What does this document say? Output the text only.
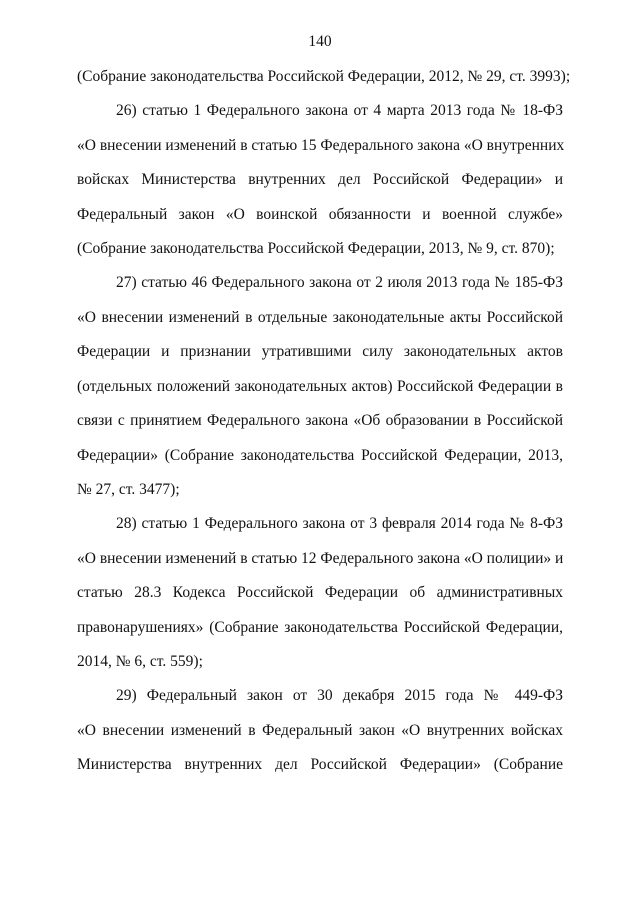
140
(Собрание законодательства Российской Федерации, 2012, № 29, ст. 3993);
26) статью 1 Федерального закона от 4 марта 2013 года № 18-ФЗ
«О внесении изменений в статью 15 Федерального закона «О внутренних
войсках Министерства внутренних дел Российской Федерации» и
Федеральный закон «О воинской обязанности и военной службе»
(Собрание законодательства Российской Федерации, 2013, № 9, ст. 870);
27) статью 46 Федерального закона от 2 июля 2013 года № 185-ФЗ
«О внесении изменений в отдельные законодательные акты Российской
Федерации и признании утратившими силу законодательных актов
(отдельных положений законодательных актов) Российской Федерации в
связи с принятием Федерального закона «Об образовании в Российской
Федерации» (Собрание законодательства Российской Федерации, 2013,
№ 27, ст. 3477);
28) статью 1 Федерального закона от 3 февраля 2014 года № 8-ФЗ
«О внесении изменений в статью 12 Федерального закона «О полиции» и
статью 28.3 Кодекса Российской Федерации об административных
правонарушениях» (Собрание законодательства Российской Федерации,
2014, № 6, ст. 559);
29) Федеральный закон от 30 декабря 2015 года № 449-ФЗ
«О внесении изменений в Федеральный закон «О внутренних войсках
Министерства внутренних дел Российской Федерации» (Собрание
